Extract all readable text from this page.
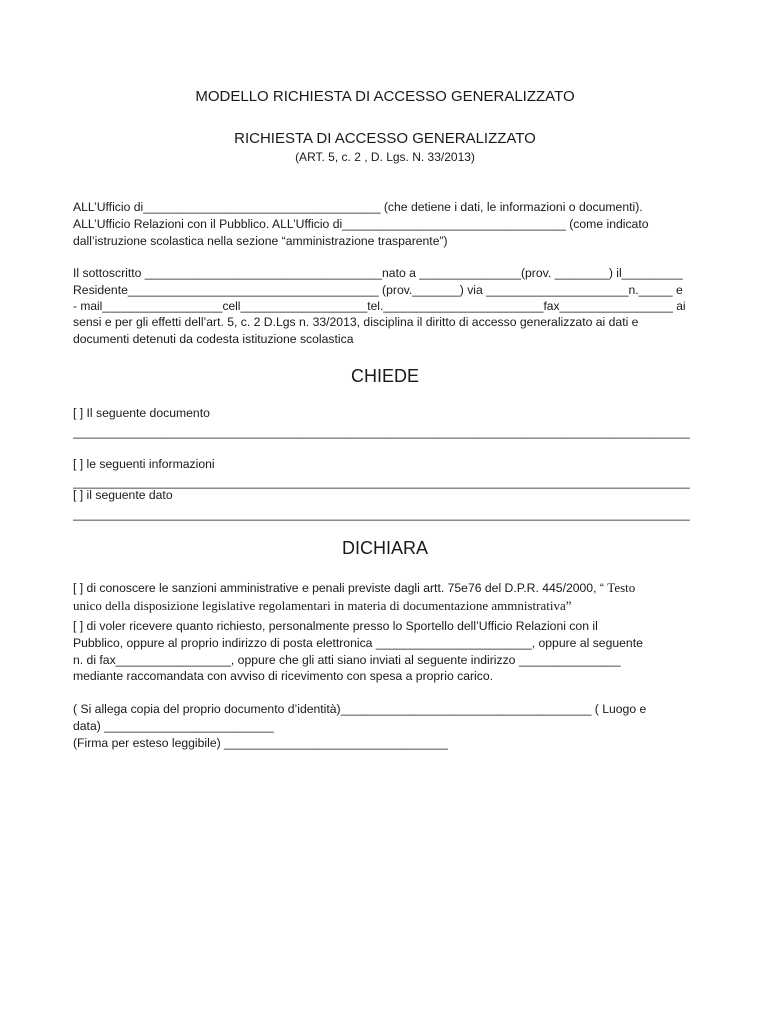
MODELLO RICHIESTA DI ACCESSO GENERALIZZATO
RICHIESTA DI ACCESSO GENERALIZZATO
(ART. 5, c. 2 , D. Lgs. N. 33/2013)
ALL’Ufficio di___________________________________ (che detiene i dati, le informazioni o documenti).
ALL’Ufficio Relazioni con il Pubblico. ALL’Ufficio di_________________________________ (come indicato
dall’istruzione scolastica nella sezione “amministrazione trasparente”)
Il sottoscritto ___________________________________nato a _______________(prov. ________) il_________
Residente_____________________________________ (prov._______) via _____________________n._____ e
- mail__________________cell___________________tel.________________________fax_________________ ai
sensi e per gli effetti dell’art. 5, c. 2 D.Lgs n. 33/2013, disciplina il diritto di accesso generalizzato ai dati e
documenti detenuti da codesta istituzione scolastica
CHIEDE
[ ] Il seguente documento
___________________________________________________________________________________________
[ ] le seguenti informazioni
___________________________________________________________________________________________
[ ] il seguente dato
___________________________________________________________________________________________
DICHIARA
[ ] di conoscere le sanzioni amministrative e penali previste dagli artt. 75e76 del D.P.R. 445/2000, “ Testo
unico della disposizione legislative regolamentari in materia di documentazione ammnistrativa”
[ ] di voler ricevere quanto richiesto, personalmente presso lo Sportello dell’Ufficio Relazioni con il
Pubblico, oppure al proprio indirizzo di posta elettronica _______________________, oppure al seguente
n. di fax_________________, oppure che gli atti siano inviati al seguente indirizzo _______________
mediante raccomandata con avviso di ricevimento con spesa a proprio carico.
( Si allega copia del proprio documento d’identità)_____________________________________ ( Luogo e
data) _________________________
(Firma per esteso leggibile) _________________________________
